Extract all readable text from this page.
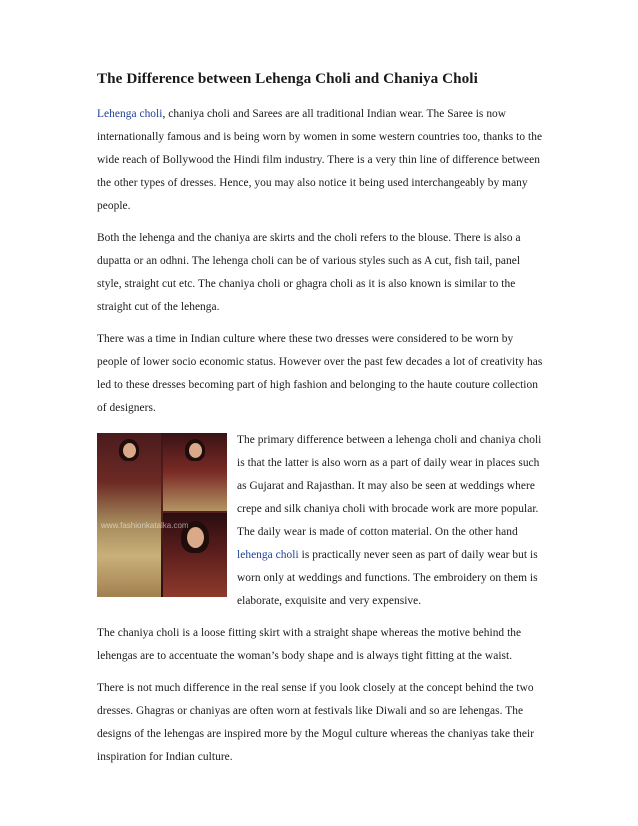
The Difference between Lehenga Choli and Chaniya Choli

Lehenga choli, chaniya choli and Sarees are all traditional Indian wear. The Saree is now internationally famous and is being worn by women in some western countries too, thanks to the wide reach of Bollywood the Hindi film industry. There is a very thin line of difference between the other types of dresses. Hence, you may also notice it being used interchangeably by many people.

Both the lehenga and the chaniya are skirts and the choli refers to the blouse. There is also a dupatta or an odhni. The lehenga choli can be of various styles such as A cut, fish tail, panel style, straight cut etc. The chaniya choli or ghagra choli as it is also known is similar to the straight cut of the lehenga.

There was a time in Indian culture where these two dresses were considered to be worn by people of lower socio economic status. However over the past few decades a lot of creativity has led to these dresses becoming part of high fashion and belonging to the haute couture collection of designers.

www.fashionkatalka.com

The primary difference between a lehenga choli and chaniya choli is that the latter is also worn as a part of daily wear in places such as Gujarat and Rajasthan. It may also be seen at weddings where crepe and silk chaniya choli with brocade work are more popular. The daily wear is made of cotton material. On the other hand lehenga choli is practically never seen as part of daily wear but is worn only at weddings and functions. The embroidery on them is elaborate, exquisite and very expensive.

The chaniya choli is a loose fitting skirt with a straight shape whereas the motive behind the lehengas are to accentuate the woman’s body shape and is always tight fitting at the waist.

There is not much difference in the real sense if you look closely at the concept behind the two dresses. Ghagras or chaniyas are often worn at festivals like Diwali and so are lehengas. The designs of the lehengas are inspired more by the Mogul culture whereas the chaniyas take their inspiration for Indian culture.
